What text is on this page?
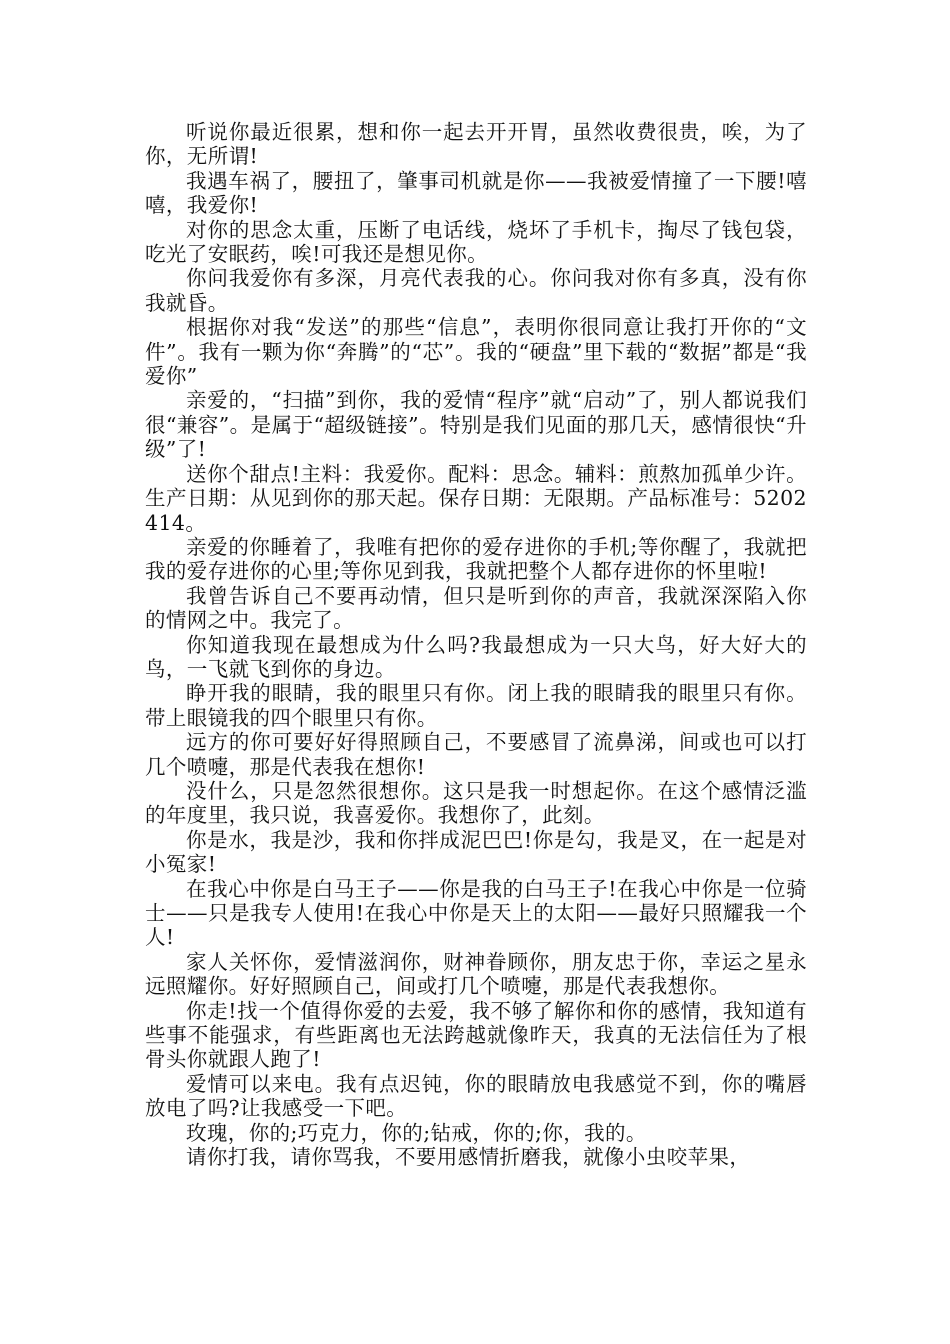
听说你最近很累，想和你一起去开开胃，虽然收费很贵，唉，为了你，无所谓!

我遇车祸了，腰扭了，肇事司机就是你——我被爱情撞了一下腰!嘻嘻，我爱你!

对你的思念太重，压断了电话线，烧坏了手机卡，掏尽了钱包袋，吃光了安眠药，唉!可我还是想见你。

你问我爱你有多深，月亮代表我的心。你问我对你有多真，没有你我就昏。

根据你对我“发送”的那些“信息”，表明你很同意让我打开你的“文件”。我有一颗为你“奔腾”的“芯”。我的“硬盘”里下载的“数据”都是“我爱你”

亲爱的，“扫描”到你，我的爱情“程序”就“启动”了，别人都说我们很“兼容”。是属于“超级链接”。特别是我们见面的那几天，感情很快“升级”了!

送你个甜点!主料：我爱你。配料：思念。辅料：煎熬加孤单少许。生产日期：从见到你的那天起。保存日期：无限期。产品标准号：5202414。

亲爱的你睡着了，我唯有把你的爱存进你的手机;等你醒了，我就把我的爱存进你的心里;等你见到我，我就把整个人都存进你的怀里啦!

我曾告诉自己不要再动情，但只是听到你的声音，我就深深陷入你的情网之中。我完了。

你知道我现在最想成为什么吗?我最想成为一只大鸟，好大好大的鸟，一飞就飞到你的身边。

睁开我的眼睛，我的眼里只有你。闭上我的眼睛我的眼里只有你。带上眼镜我的四个眼里只有你。

远方的你可要好好得照顾自己，不要感冒了流鼻涕，间或也可以打几个喷嚏，那是代表我在想你!

没什么，只是忽然很想你。这只是我一时想起你。在这个感情泛滥的年度里，我只说，我喜爱你。我想你了，此刻。

你是水，我是沙，我和你拌成泥巴巴!你是勾，我是叉，在一起是对小冤家!

在我心中你是白马王子——你是我的白马王子!在我心中你是一位骑士——只是我专人使用!在我心中你是天上的太阳——最好只照耀我一个人!

家人关怀你，爱情滋润你，财神眷顾你，朋友忠于你，幸运之星永远照耀你。好好照顾自己，间或打几个喷嚏，那是代表我想你。

你走!找一个值得你爱的去爱，我不够了解你和你的感情，我知道有些事不能强求，有些距离也无法跨越就像昨天，我真的无法信任为了根骨头你就跟人跑了!

爱情可以来电。我有点迟钝，你的眼睛放电我感觉不到，你的嘴唇放电了吗?让我感受一下吧。

玫瑰，你的;巧克力，你的;钻戒，你的;你，我的。

请你打我，请你骂我，不要用感情折磨我，就像小虫咬苹果，
